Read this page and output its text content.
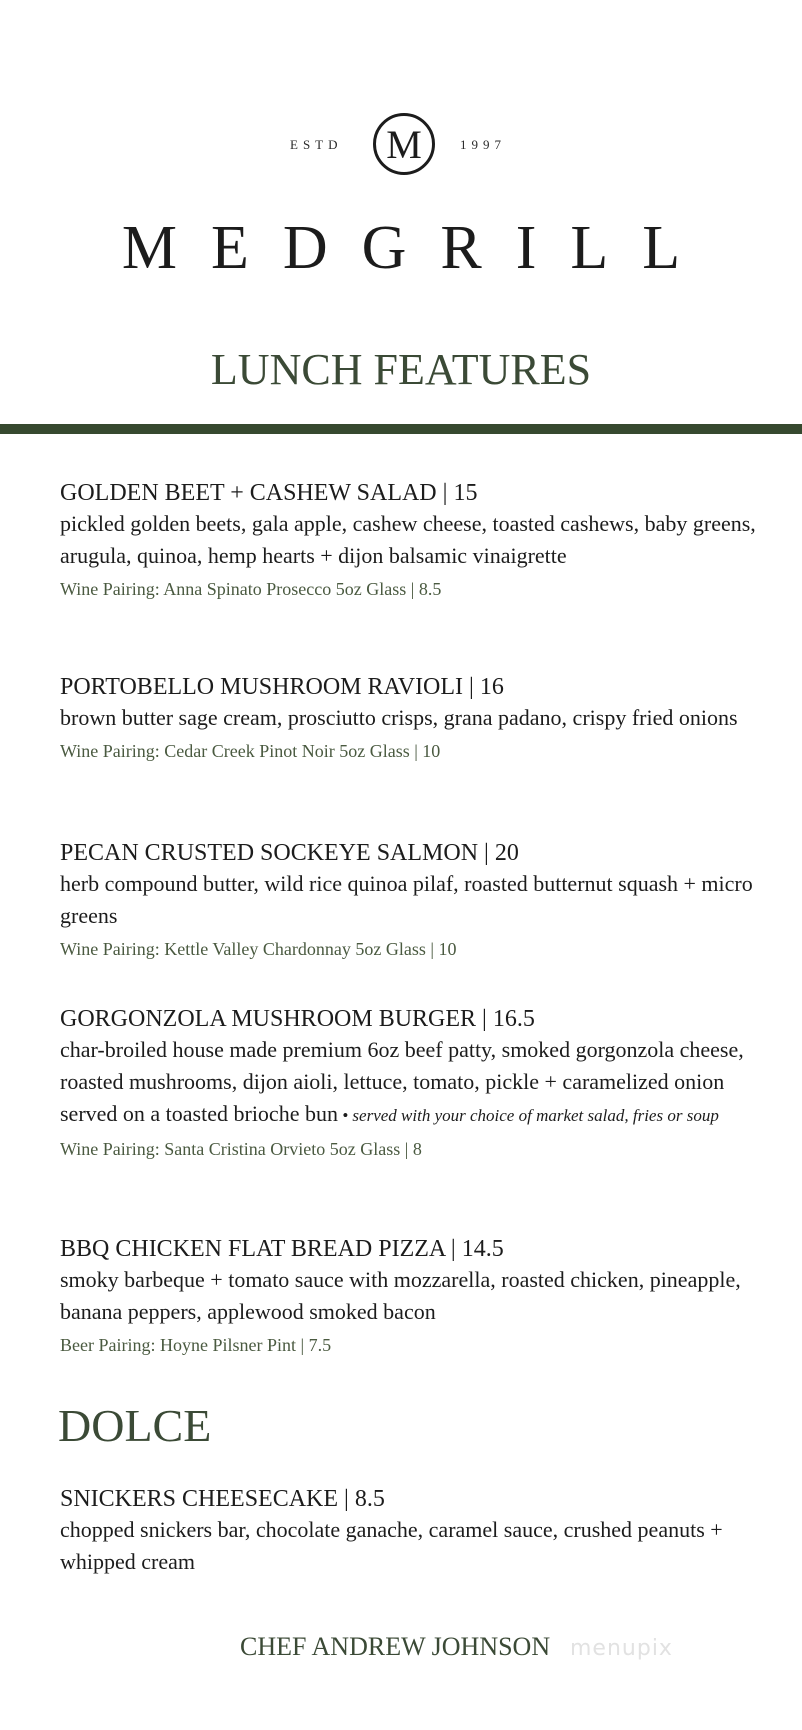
ESTD	M	1997
MEDGRILL
LUNCH FEATURES
GOLDEN BEET + CASHEW SALAD | 15
pickled golden beets, gala apple, cashew cheese, toasted cashews, baby greens, arugula, quinoa, hemp hearts + dijon balsamic vinaigrette
Wine Pairing: Anna Spinato Prosecco 5oz Glass | 8.5
PORTOBELLO MUSHROOM RAVIOLI | 16
brown butter sage cream, prosciutto crisps, grana padano, crispy fried onions
Wine Pairing: Cedar Creek Pinot Noir 5oz Glass | 10
PECAN CRUSTED SOCKEYE SALMON | 20
herb compound butter, wild rice quinoa pilaf, roasted butternut squash + micro greens
Wine Pairing: Kettle Valley Chardonnay 5oz Glass | 10
GORGONZOLA MUSHROOM BURGER | 16.5
char-broiled house made premium 6oz beef patty, smoked gorgonzola cheese, roasted mushrooms, dijon aioli, lettuce, tomato, pickle + caramelized onion served on a toasted brioche bun • served with your choice of market salad, fries or soup
Wine Pairing: Santa Cristina Orvieto 5oz Glass | 8
BBQ CHICKEN FLAT BREAD PIZZA | 14.5
smoky barbeque + tomato sauce with mozzarella, roasted chicken, pineapple, banana peppers, applewood smoked bacon
Beer Pairing: Hoyne Pilsner Pint | 7.5
DOLCE
SNICKERS CHEESECAKE | 8.5
chopped snickers bar, chocolate ganache, caramel sauce, crushed peanuts + whipped cream
CHEF ANDREW JOHNSON menupix
